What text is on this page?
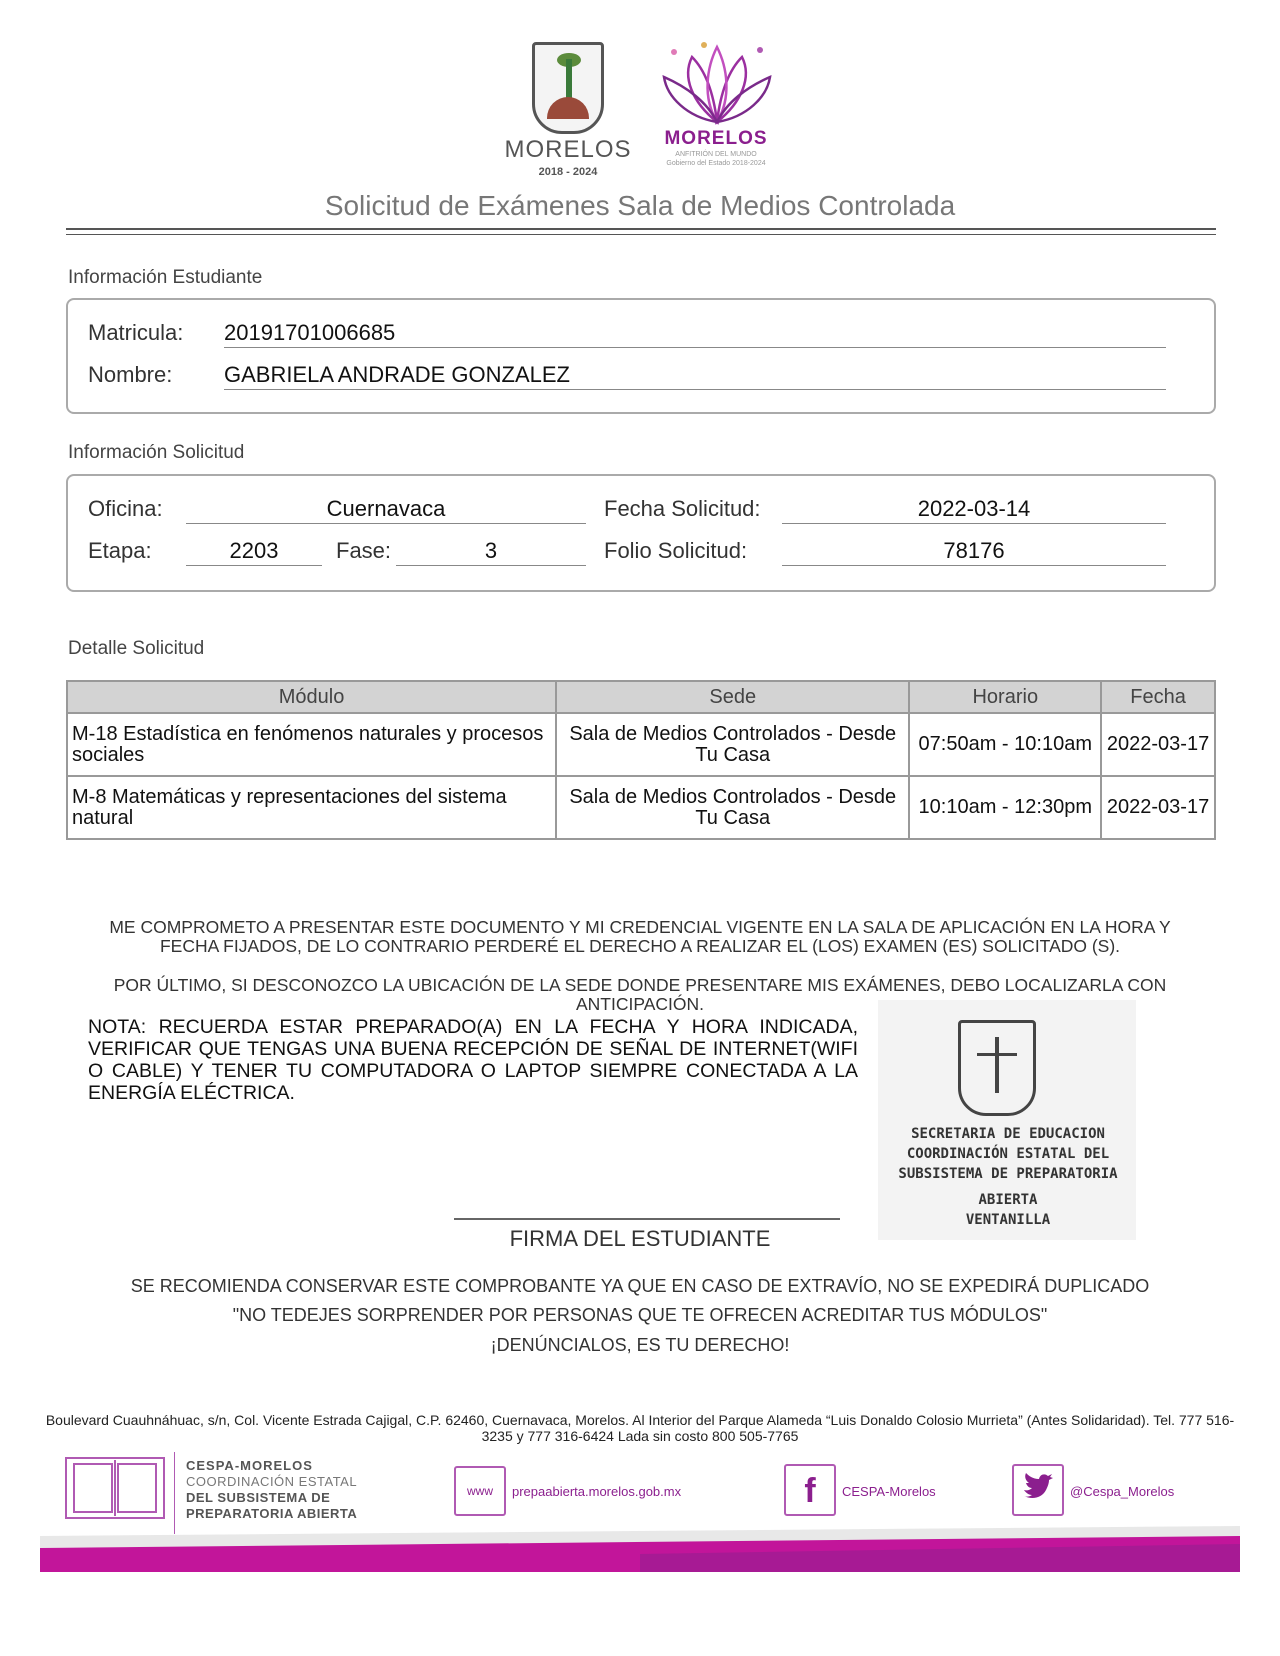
MORELOS
2018 - 2024
MORELOS
ANFITRIÓN DEL MUNDO
Gobierno del Estado 2018-2024
Solicitud de Exámenes Sala de Medios Controlada
Información Estudiante
Matricula: 20191701006685
Nombre: GABRIELA ANDRADE GONZALEZ
Información Solicitud
Oficina:	Cuernavaca	Fecha Solicitud:	2022-03-14
Etapa:	2203	Fase:	3	Folio Solicitud:	78176
Detalle Solicitud
Módulo	Sede	Horario	Fecha
M-18 Estadística en fenómenos naturales y procesos sociales	Sala de Medios Controlados - Desde Tu Casa	07:50am - 10:10am	2022-03-17
M-8 Matemáticas y representaciones del sistema natural	Sala de Medios Controlados - Desde Tu Casa	10:10am - 12:30pm	2022-03-17
ME COMPROMETO A PRESENTAR ESTE DOCUMENTO Y MI CREDENCIAL VIGENTE EN LA SALA DE APLICACIÓN EN LA HORA Y FECHA FIJADOS, DE LO CONTRARIO PERDERÉ EL DERECHO A REALIZAR EL (LOS) EXAMEN (ES) SOLICITADO (S).
POR ÚLTIMO, SI DESCONOZCO LA UBICACIÓN DE LA SEDE DONDE PRESENTARE MIS EXÁMENES, DEBO LOCALIZARLA CON ANTICIPACIÓN.
NOTA: RECUERDA ESTAR PREPARADO(A) EN LA FECHA Y HORA INDICADA, VERIFICAR QUE TENGAS UNA BUENA RECEPCIÓN DE SEÑAL DE INTERNET(WIFI O CABLE) Y TENER TU COMPUTADORA O LAPTOP SIEMPRE CONECTADA A LA ENERGÍA ELÉCTRICA.
SECRETARIA DE EDUCACION
COORDINACIÓN ESTATAL DEL
SUBSISTEMA DE PREPARATORIA
ABIERTA
VENTANILLA
FIRMA DEL ESTUDIANTE
SE RECOMIENDA CONSERVAR ESTE COMPROBANTE YA QUE EN CASO DE EXTRAVÍO, NO SE EXPEDIRÁ DUPLICADO
"NO TEDEJES SORPRENDER POR PERSONAS QUE TE OFRECEN ACREDITAR TUS MÓDULOS"
¡DENÚNCIALOS, ES TU DERECHO!
Boulevard Cuauhnáhuac, s/n, Col. Vicente Estrada Cajigal, C.P. 62460, Cuernavaca, Morelos. Al Interior del Parque Alameda “Luis Donaldo Colosio Murrieta” (Antes Solidaridad). Tel. 777 516-3235 y 777 316-6424 Lada sin costo 800 505-7765
CESPA-MORELOS
COORDINACIÓN ESTATAL
DEL SUBSISTEMA DE
PREPARATORIA ABIERTA
www	prepaabierta.morelos.gob.mx	f	CESPA-Morelos	@Cespa_Morelos
